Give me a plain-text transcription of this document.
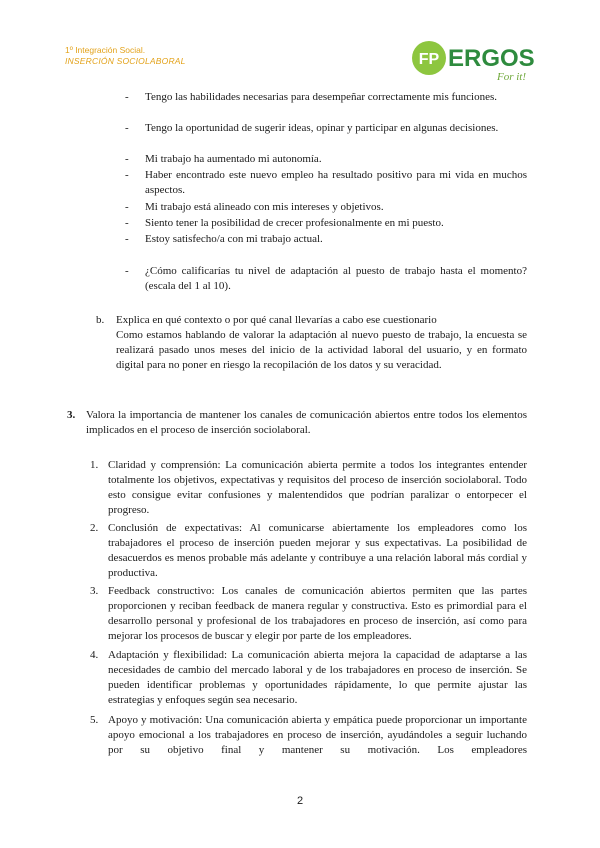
1º Integración Social.
INSERCIÓN SOCIOLABORAL	FP ERGOS
For it!
- Tengo las habilidades necesarias para desempeñar correctamente mis funciones.
- Tengo la oportunidad de sugerir ideas, opinar y participar en algunas decisiones.
- Mi trabajo ha aumentado mi autonomía.
- Haber encontrado este nuevo empleo ha resultado positivo para mi vida en muchos aspectos.
- Mi trabajo está alineado con mis intereses y objetivos.
- Siento tener la posibilidad de crecer profesionalmente en mi puesto.
- Estoy satisfecho/a con mi trabajo actual.
- ¿Cómo calificarías tu nivel de adaptación al puesto de trabajo hasta el momento? (escala del 1 al 10).
b. Explica en qué contexto o por qué canal llevarías a cabo ese cuestionario
Como estamos hablando de valorar la adaptación al nuevo puesto de trabajo, la encuesta se realizará pasado unos meses del inicio de la actividad laboral del usuario, y en formato digital para no poner en riesgo la recopilación de los datos y su veracidad.
3. Valora la importancia de mantener los canales de comunicación abiertos entre todos los elementos implicados en el proceso de inserción sociolaboral.
1. Claridad y comprensión: La comunicación abierta permite a todos los integrantes entender totalmente los objetivos, expectativas y requisitos del proceso de inserción sociolaboral. Todo esto consigue evitar confusiones y malentendidos que podrían paralizar o entorpecer el progreso.
2. Conclusión de expectativas: Al comunicarse abiertamente los empleadores como los trabajadores el proceso de inserción pueden mejorar y sus expectativas. La posibilidad de desacuerdos es menos probable más adelante y contribuye a una relación laboral más cordial y productiva.
3. Feedback constructivo: Los canales de comunicación abiertos permiten que las partes proporcionen y reciban feedback de manera regular y constructiva. Esto es primordial para el desarrollo personal y profesional de los trabajadores en proceso de inserción, así como para mejorar los procesos de buscar y elegir por parte de los empleadores.
4. Adaptación y flexibilidad: La comunicación abierta mejora la capacidad de adaptarse a las necesidades de cambio del mercado laboral y de los trabajadores en proceso de inserción. Se pueden identificar problemas y oportunidades rápidamente, lo que permite ajustar las estrategias y enfoques según sea necesario.
5. Apoyo y motivación: Una comunicación abierta y empática puede proporcionar un importante apoyo emocional a los trabajadores en proceso de inserción, ayudándoles a seguir luchando por su objetivo final y mantener su motivación. Los empleadores
2
